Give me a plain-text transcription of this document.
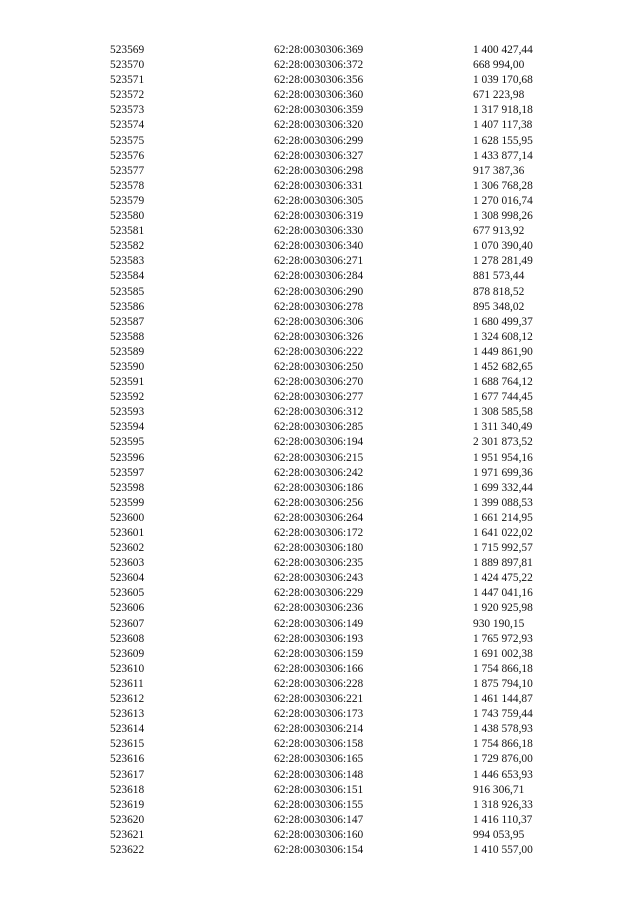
523569	62:28:0030306:369	1 400 427,44
523570	62:28:0030306:372	668 994,00
523571	62:28:0030306:356	1 039 170,68
523572	62:28:0030306:360	671 223,98
523573	62:28:0030306:359	1 317 918,18
523574	62:28:0030306:320	1 407 117,38
523575	62:28:0030306:299	1 628 155,95
523576	62:28:0030306:327	1 433 877,14
523577	62:28:0030306:298	917 387,36
523578	62:28:0030306:331	1 306 768,28
523579	62:28:0030306:305	1 270 016,74
523580	62:28:0030306:319	1 308 998,26
523581	62:28:0030306:330	677 913,92
523582	62:28:0030306:340	1 070 390,40
523583	62:28:0030306:271	1 278 281,49
523584	62:28:0030306:284	881 573,44
523585	62:28:0030306:290	878 818,52
523586	62:28:0030306:278	895 348,02
523587	62:28:0030306:306	1 680 499,37
523588	62:28:0030306:326	1 324 608,12
523589	62:28:0030306:222	1 449 861,90
523590	62:28:0030306:250	1 452 682,65
523591	62:28:0030306:270	1 688 764,12
523592	62:28:0030306:277	1 677 744,45
523593	62:28:0030306:312	1 308 585,58
523594	62:28:0030306:285	1 311 340,49
523595	62:28:0030306:194	2 301 873,52
523596	62:28:0030306:215	1 951 954,16
523597	62:28:0030306:242	1 971 699,36
523598	62:28:0030306:186	1 699 332,44
523599	62:28:0030306:256	1 399 088,53
523600	62:28:0030306:264	1 661 214,95
523601	62:28:0030306:172	1 641 022,02
523602	62:28:0030306:180	1 715 992,57
523603	62:28:0030306:235	1 889 897,81
523604	62:28:0030306:243	1 424 475,22
523605	62:28:0030306:229	1 447 041,16
523606	62:28:0030306:236	1 920 925,98
523607	62:28:0030306:149	930 190,15
523608	62:28:0030306:193	1 765 972,93
523609	62:28:0030306:159	1 691 002,38
523610	62:28:0030306:166	1 754 866,18
523611	62:28:0030306:228	1 875 794,10
523612	62:28:0030306:221	1 461 144,87
523613	62:28:0030306:173	1 743 759,44
523614	62:28:0030306:214	1 438 578,93
523615	62:28:0030306:158	1 754 866,18
523616	62:28:0030306:165	1 729 876,00
523617	62:28:0030306:148	1 446 653,93
523618	62:28:0030306:151	916 306,71
523619	62:28:0030306:155	1 318 926,33
523620	62:28:0030306:147	1 416 110,37
523621	62:28:0030306:160	994 053,95
523622	62:28:0030306:154	1 410 557,00
